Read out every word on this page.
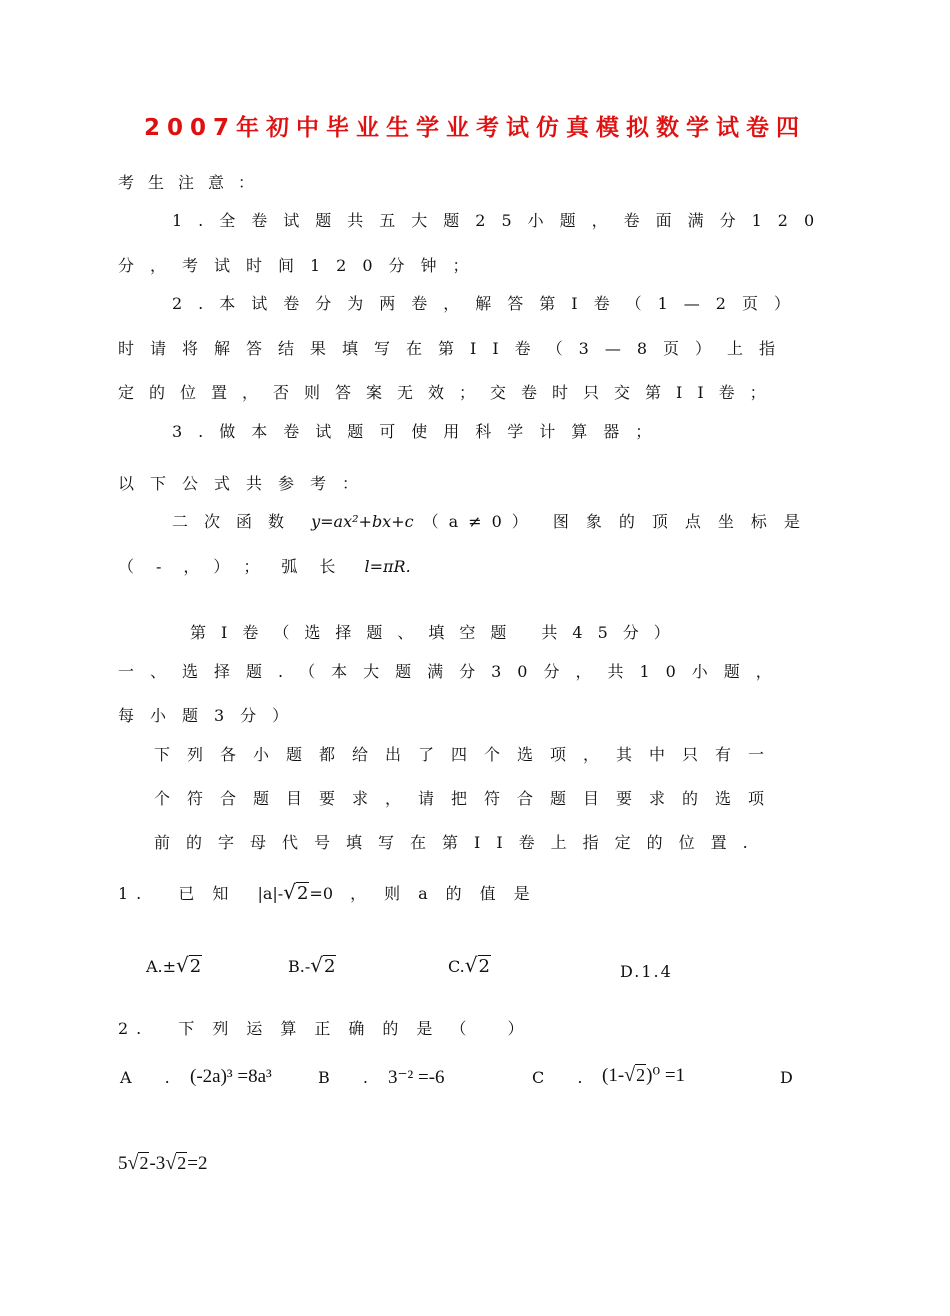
2007年初中毕业生学业考试仿真模拟数学试卷四
考生注意：
1.全卷试题共五大题25小题，卷面满分120
分，考试时间120分钟；
2.本试卷分为两卷，解答第I卷（1—2页）
时请将解答结果填写在第II卷（3—8页）上指
定的位置，否则答案无效；交卷时只交第II卷；
3.做本卷试题可使用科学计算器；
以下公式共参考：
二次函数 y=ax²+bx+c （a≠0） 图象的顶点坐标是
（-，）；弧长 l=πR.
第I卷（选择题、填空题 共45分）
一、选择题.（本大题满分30分，共10小题，
每小题3分）
下列各小题都给出了四个选项，其中只有一
个符合题目要求，请把符合题目要求的选项
前的字母代号填写在第II卷上指定的位置.
1. 已知 |a|-√2=0 ，则a的值是
A.±√2	B.-√2	C.√2	D.1.4
2. 下列运算正确的是（ ）
A . (-2a)³ =8a³	B . 3⁻² =-6	C . (1-√2)⁰ =1	D
5√2-3√2=2
